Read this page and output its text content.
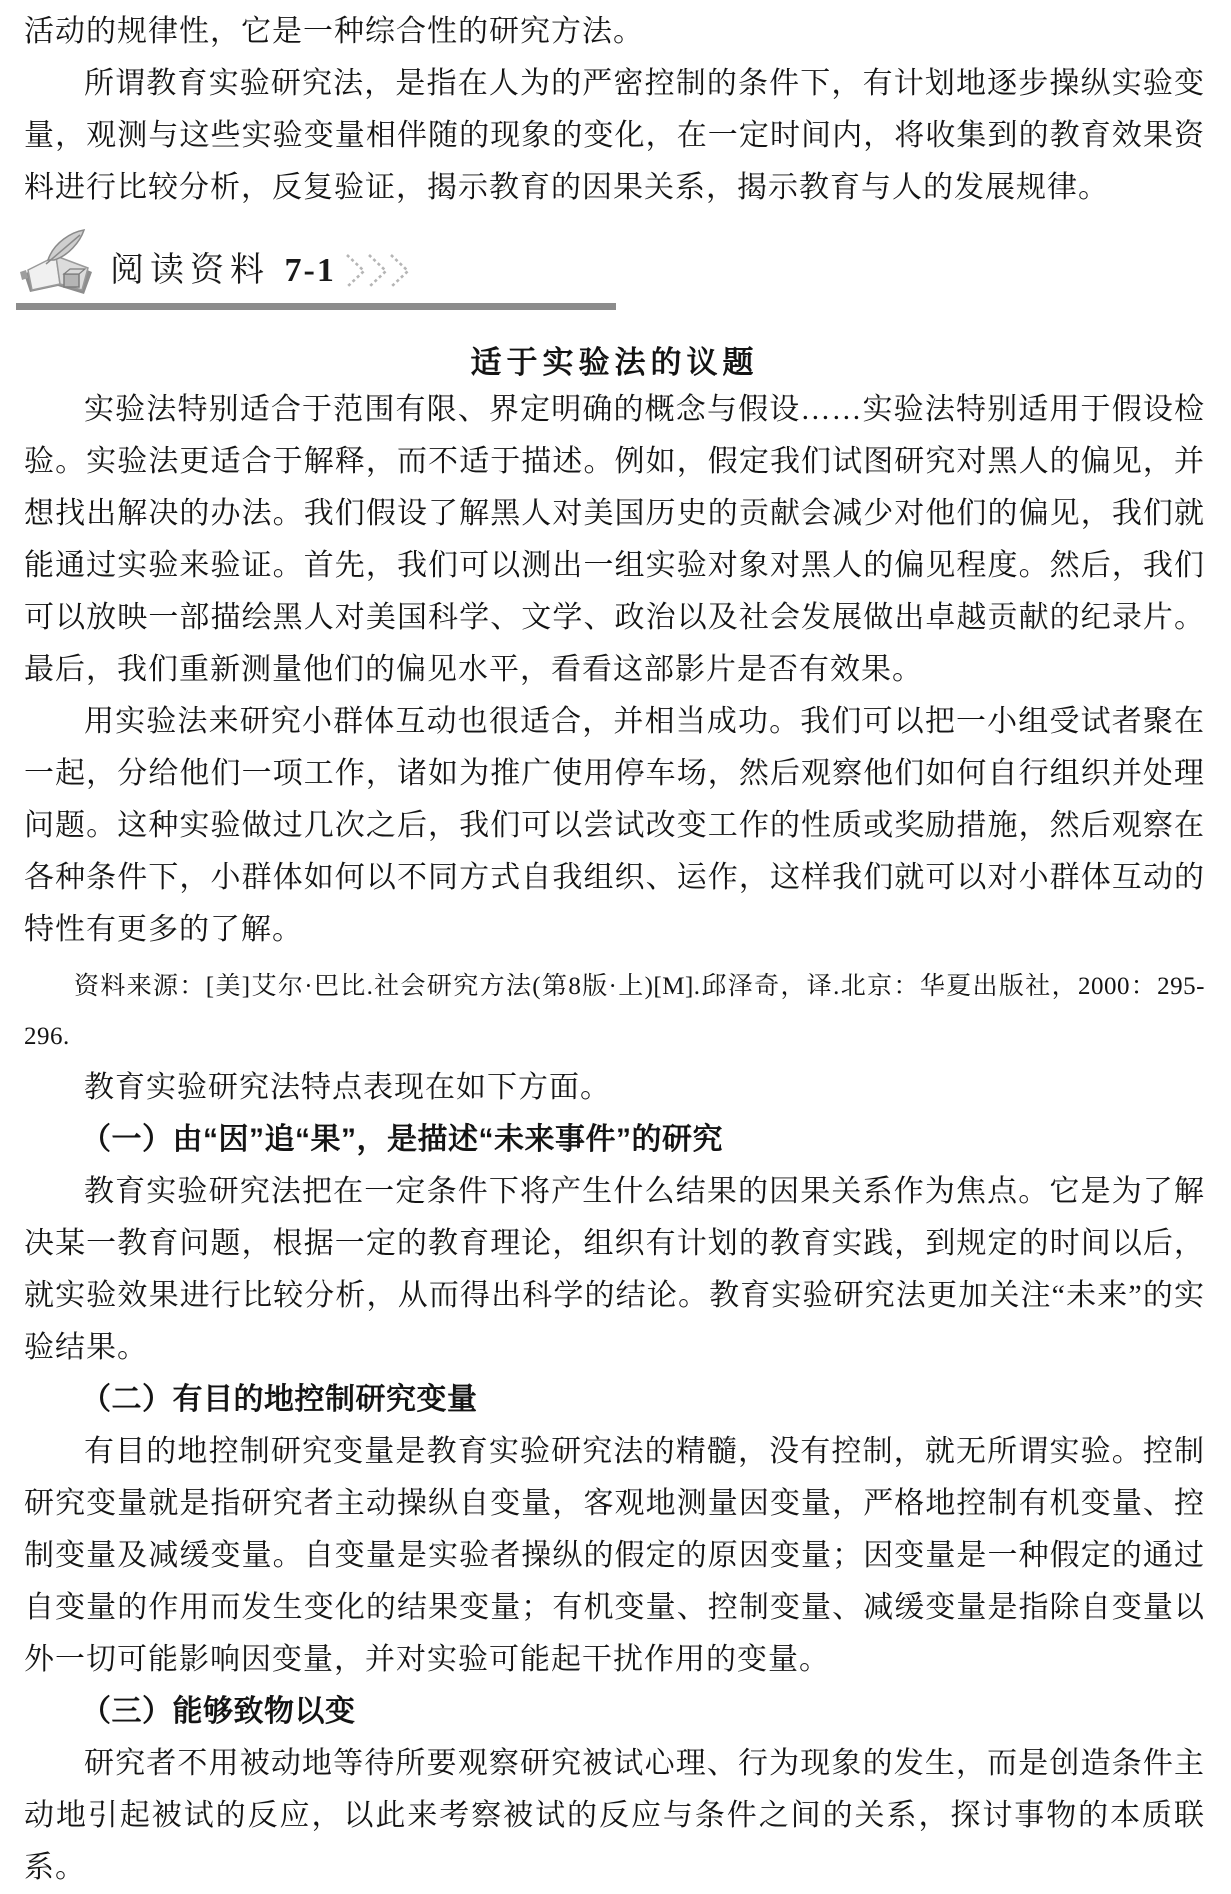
活动的规律性，它是一种综合性的研究方法。

所谓教育实验研究法，是指在人为的严密控制的条件下，有计划地逐步操纵实验变量，观测与这些实验变量相伴随的现象的变化，在一定时间内，将收集到的教育效果资料进行比较分析，反复验证，揭示教育的因果关系，揭示教育与人的发展规律。

阅读资料 7-1
适于实验法的议题

实验法特别适合于范围有限、界定明确的概念与假设……实验法特别适用于假设检验。实验法更适合于解释，而不适于描述。例如，假定我们试图研究对黑人的偏见，并想找出解决的办法。我们假设了解黑人对美国历史的贡献会减少对他们的偏见，我们就能通过实验来验证。首先，我们可以测出一组实验对象对黑人的偏见程度。然后，我们可以放映一部描绘黑人对美国科学、文学、政治以及社会发展做出卓越贡献的纪录片。最后，我们重新测量他们的偏见水平，看看这部影片是否有效果。

用实验法来研究小群体互动也很适合，并相当成功。我们可以把一小组受试者聚在一起，分给他们一项工作，诸如为推广使用停车场，然后观察他们如何自行组织并处理问题。这种实验做过几次之后，我们可以尝试改变工作的性质或奖励措施，然后观察在各种条件下，小群体如何以不同方式自我组织、运作，这样我们就可以对小群体互动的特性有更多的了解。

资料来源：[美]艾尔·巴比.社会研究方法(第8版·上)[M].邱泽奇，译.北京：华夏出版社，2000：295-296.

教育实验研究法特点表现在如下方面。

（一）由“因”追“果”，是描述“未来事件”的研究

教育实验研究法把在一定条件下将产生什么结果的因果关系作为焦点。它是为了解决某一教育问题，根据一定的教育理论，组织有计划的教育实践，到规定的时间以后，就实验效果进行比较分析，从而得出科学的结论。教育实验研究法更加关注“未来”的实验结果。

（二）有目的地控制研究变量

有目的地控制研究变量是教育实验研究法的精髓，没有控制，就无所谓实验。控制研究变量就是指研究者主动操纵自变量，客观地测量因变量，严格地控制有机变量、控制变量及减缓变量。自变量是实验者操纵的假定的原因变量；因变量是一种假定的通过自变量的作用而发生变化的结果变量；有机变量、控制变量、减缓变量是指除自变量以外一切可能影响因变量，并对实验可能起干扰作用的变量。

（三）能够致物以变

研究者不用被动地等待所要观察研究被试心理、行为现象的发生，而是创造条件主动地引起被试的反应，以此来考察被试的反应与条件之间的关系，探讨事物的本质联系。
